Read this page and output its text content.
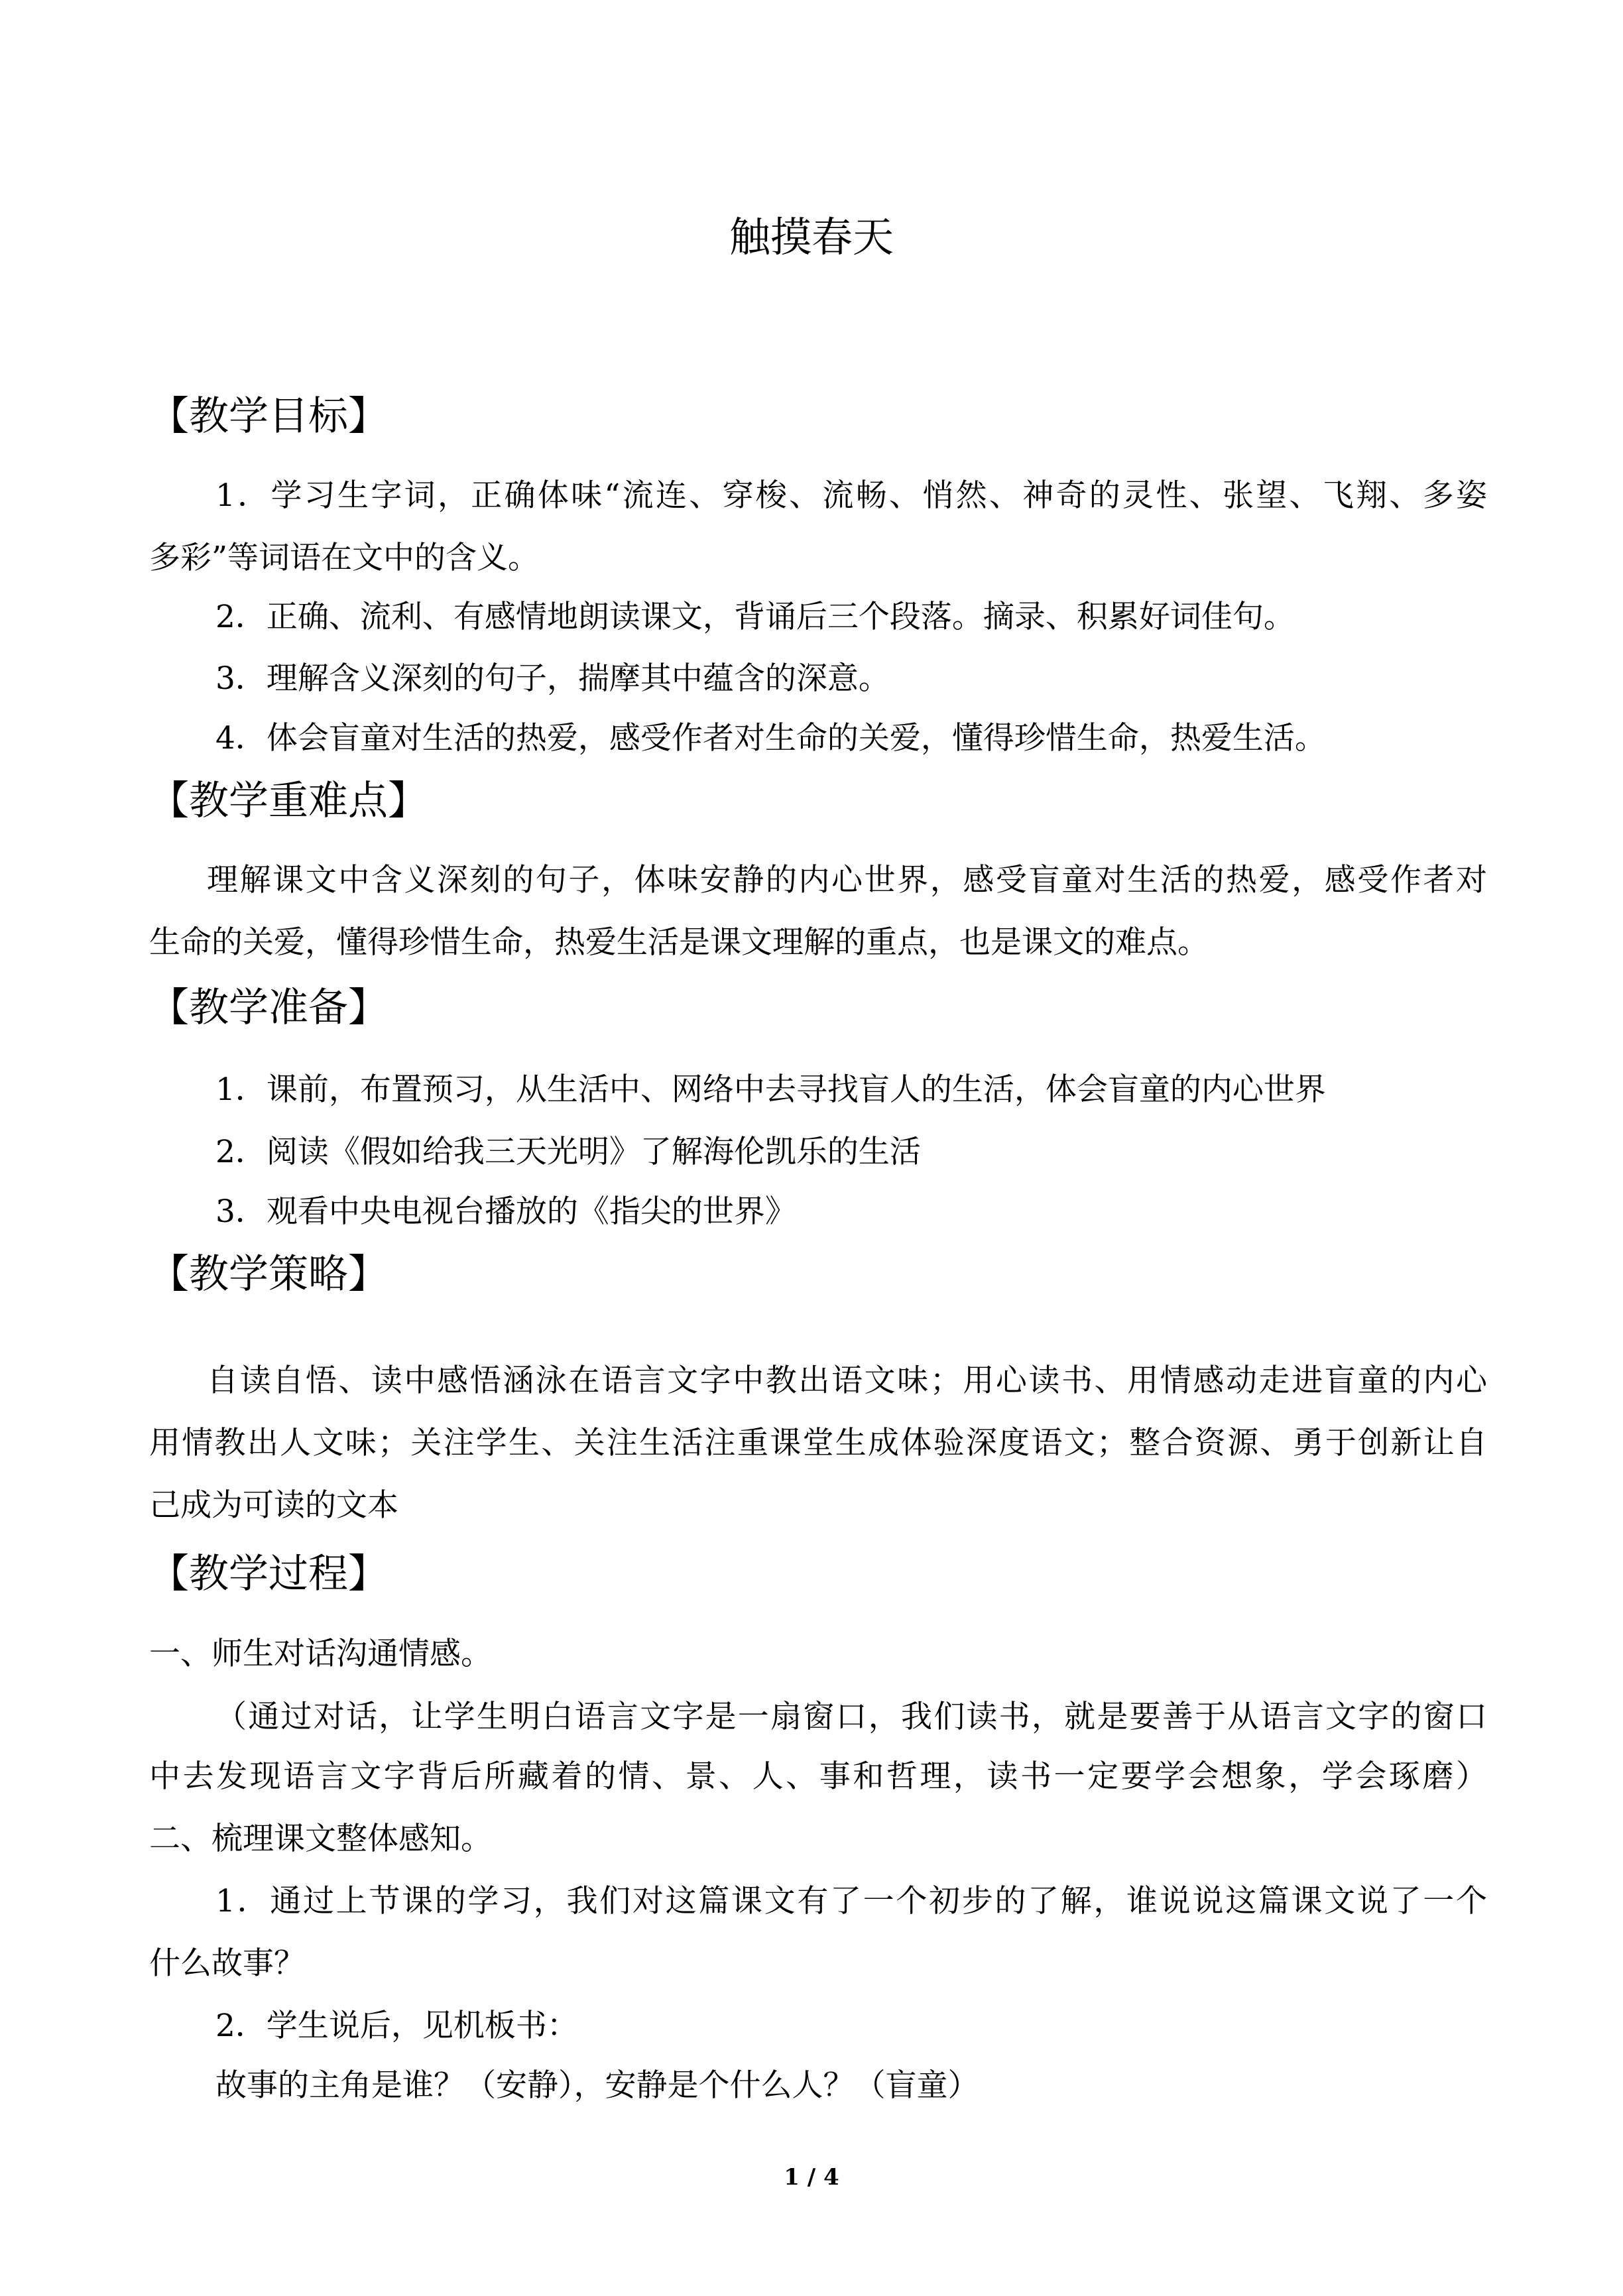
触摸春天
【教学目标】
1．学习生字词，正确体味“流连、穿梭、流畅、悄然、神奇的灵性、张望、飞翔、多姿
多彩”等词语在文中的含义。
2．正确、流利、有感情地朗读课文，背诵后三个段落。摘录、积累好词佳句。
3．理解含义深刻的句子，揣摩其中蕴含的深意。
4．体会盲童对生活的热爱，感受作者对生命的关爱，懂得珍惜生命，热爱生活。
【教学重难点】
理解课文中含义深刻的句子，体味安静的内心世界，感受盲童对生活的热爱，感受作者对
生命的关爱，懂得珍惜生命，热爱生活是课文理解的重点，也是课文的难点。
【教学准备】
1．课前，布置预习，从生活中、网络中去寻找盲人的生活，体会盲童的内心世界
2．阅读《假如给我三天光明》了解海伦凯乐的生活
3．观看中央电视台播放的《指尖的世界》
【教学策略】
自读自悟、读中感悟涵泳在语言文字中教出语文味；用心读书、用情感动走进盲童的内心
用情教出人文味；关注学生、关注生活注重课堂生成体验深度语文；整合资源、勇于创新让自
己成为可读的文本
【教学过程】
一、师生对话沟通情感。
（通过对话，让学生明白语言文字是一扇窗口，我们读书，就是要善于从语言文字的窗口
中去发现语言文字背后所藏着的情、景、人、事和哲理，读书一定要学会想象，学会琢磨）
二、梳理课文整体感知。
1．通过上节课的学习，我们对这篇课文有了一个初步的了解，谁说说这篇课文说了一个
什么故事？
2．学生说后，见机板书：
故事的主角是谁？（安静），安静是个什么人？（盲童）
1 / 4
